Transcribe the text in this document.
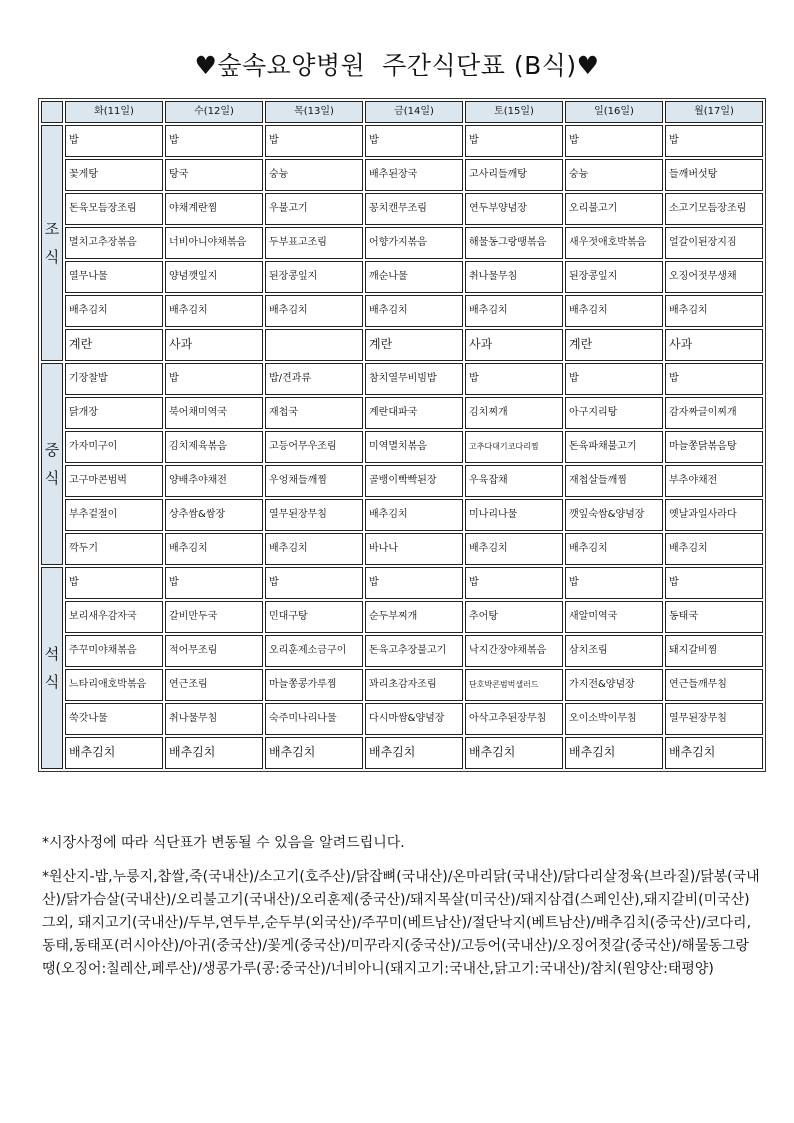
♥숲속요양병원  주간식단표 (B식)♥
	화(11일)	수(12일)	목(13일)	금(14일)	토(15일)	일(16일)	월(17일)
조
식	밥	밥	밥	밥	밥	밥	밥
	꽃게탕	탕국	숭늉	배추된장국	고사리들깨탕	숭늉	들깨버섯탕
	돈육모듬장조림	야채계란찜	우불고기	꽁치캔무조림	연두부양념장	오리불고기	소고기모듬장조림
	멸치고추장볶음	너비아니야채볶음	두부표고조림	어향가지볶음	해물동그랑땡볶음	새우젓애호박볶음	얼갈이된장지짐
	열무나물	양념깻잎지	된장콩잎지	깨순나물	취나물무침	된장콩잎지	오징어젓무생채
	배추김치	배추김치	배추김치	배추김치	배추김치	배추김치	배추김치
	계란	사과		계란	사과	계란	사과
중
식	기장찰밥	밥	밥/견과류	참치열무비빔밥	밥	밥	밥
	닭개장	북어채미역국	재첩국	계란대파국	김치찌개	아구지리탕	감자짜글이찌개
	가자미구이	김치제육볶음	고등어무우조림	미역멸치볶음	고추다대기코다리찜	돈육파채불고기	마늘쫑닭볶음탕
	고구마콘범벅	양배추야채전	우엉채들깨찜	골뱅이빡빡된장	우육잡채	재첩살들깨찜	부추야채전
	부추겉절이	상추쌈&쌈장	열무된장무침	배추김치	미나리나물	깻잎숙쌈&양념장	옛날과일사라다
	깍두기	배추김치	배추김치	바나나	배추김치	배추김치	배추김치
석
식	밥	밥	밥	밥	밥	밥	밥
	보리새우감자국	갈비만두국	민대구탕	순두부찌개	추어탕	새알미역국	동태국
	주꾸미야채볶음	적어무조림	오리훈제소금구이	돈육고추장불고기	낙지간장야채볶음	삼치조림	돼지갈비찜
	느타리애호박볶음	연근조림	마늘쫑콩가루찜	꽈리초감자조림	단호박콘범벅샐러드	가지전&양념장	연근들깨무침
	쑥갓나물	취나물무침	숙주미나리나물	다시마쌈&양념장	아삭고추된장무침	오이소박이무침	열무된장무침
	배추김치	배추김치	배추김치	배추김치	배추김치	배추김치	배추김치

*시장사정에 따라 식단표가 변동될 수 있음을 알려드립니다.

*원산지-밥,누룽지,찹쌀,죽(국내산)/소고기(호주산)/닭잡뼈(국내산)/온마리닭(국내산)/닭다리살정육(브라질)/닭봉(국내산)/닭가슴살(국내산)/오리불고기(국내산)/오리훈제(중국산)/돼지목살(미국산)/돼지삼겹(스페인산),돼지갈비(미국산) 그외, 돼지고기(국내산)/두부,연두부,순두부(외국산)/주꾸미(베트남산)/절단낙지(베트남산)/배추김치(중국산)/코다리,동태,동태포(러시아산)/아귀(중국산)/꽃게(중국산)/미꾸라지(중국산)/고등어(국내산)/오징어젓갈(중국산)/해물동그랑땡(오징어:칠레산,페루산)/생콩가루(콩:중국산)/너비아니(돼지고기:국내산,닭고기:국내산)/참치(원양산:태평양)
